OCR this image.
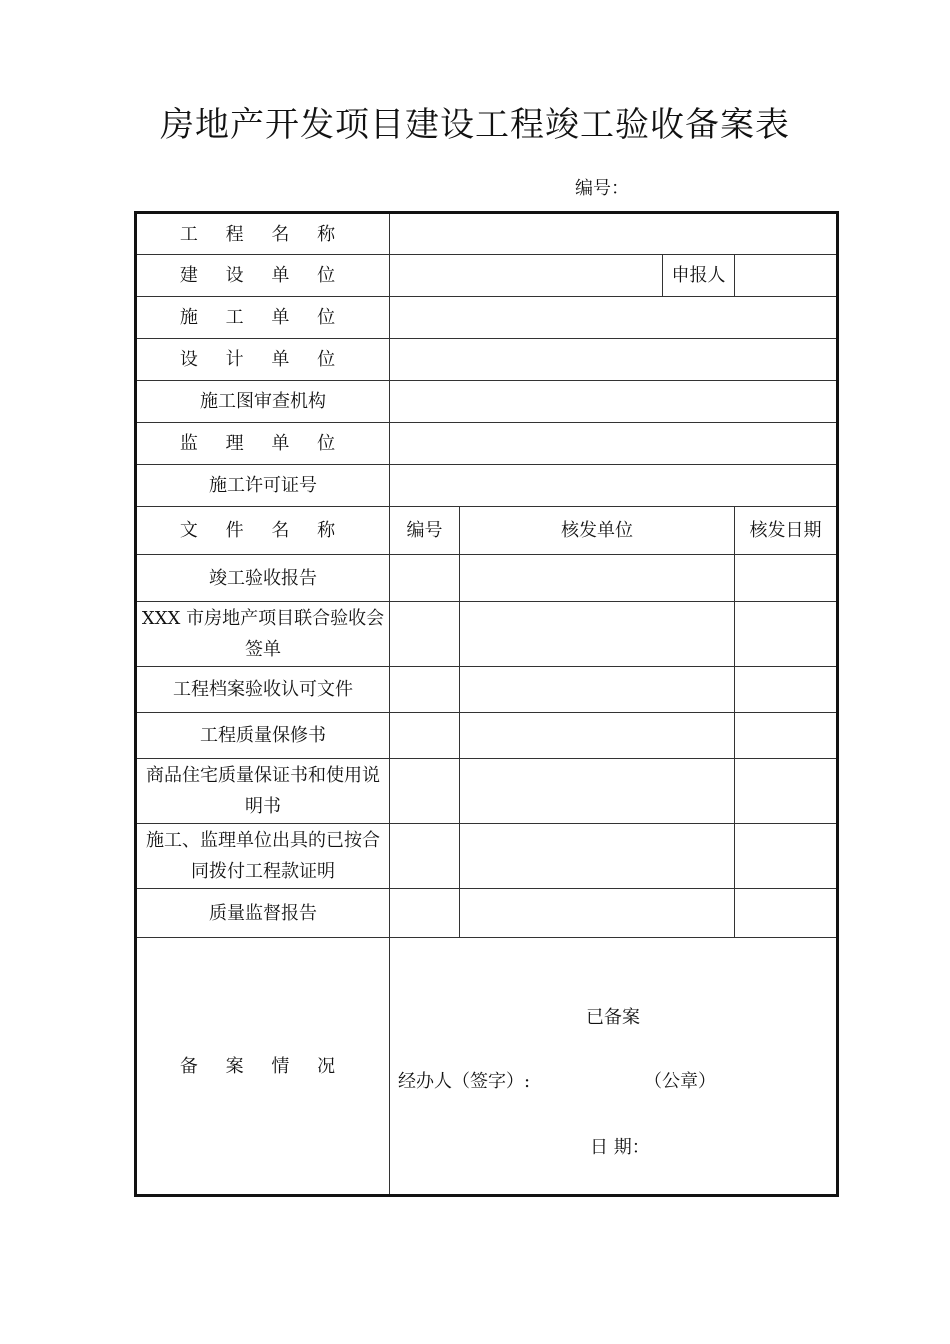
房地产开发项目建设工程竣工验收备案表
编号：
工 程 名 称				
建 设 单 位			申报人	
施 工 单 位				
设 计 单 位				
施工图审查机构				
监 理 单 位				
施工许可证号				
文 件 名 称	编号	核发单位		核发日期
竣工验收报告				
XXX 市房地产项目联合验收会签单				
工程档案验收认可文件				
工程质量保修书				
商品住宅质量保证书和使用说明书				
施工、监理单位出具的已按合同拨付工程款证明				
质量监督报告				
备 案 情 况	已备案
经办人（签字）: （公章）
日 期：			
